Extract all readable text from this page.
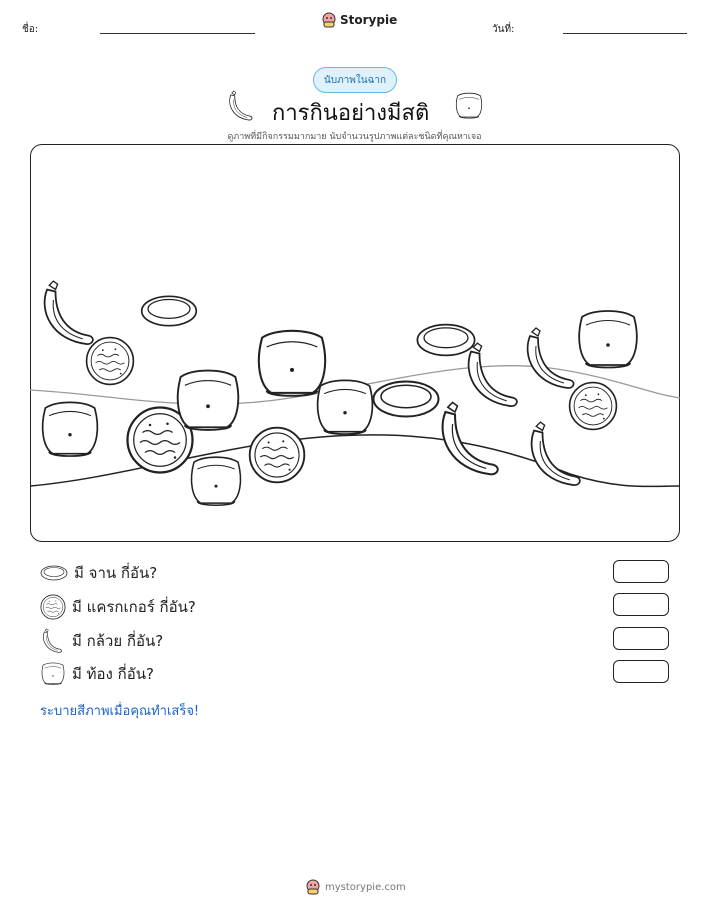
ชื่อ:
Storypie
วันที่:
นับภาพในฉาก
การกินอย่างมีสติ
ดูภาพที่มีกิจกรรมมากมาย นับจำนวนรูปภาพแต่ละชนิดที่คุณหาเจอ
มี จาน กี่อัน?
มี แครกเกอร์ กี่อัน?
มี กล้วย กี่อัน?
มี ท้อง กี่อัน?
ระบายสีภาพเมื่อคุณทำเสร็จ!
mystorypie.com
